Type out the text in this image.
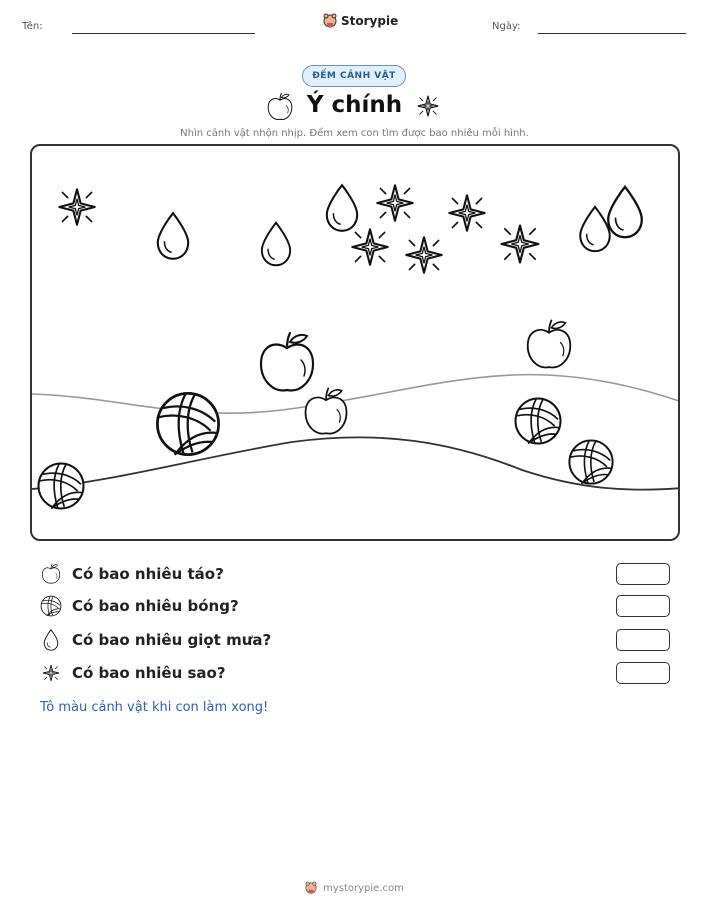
Tên:	Storypie	Ngày:
ĐẾM CẢNH VẬT
Ý chính
Nhìn cảnh vật nhộn nhịp. Đếm xem con tìm được bao nhiêu mỗi hình.
Có bao nhiêu táo?
Có bao nhiêu bóng?
Có bao nhiêu giọt mưa?
Có bao nhiêu sao?
Tô màu cảnh vật khi con làm xong!
mystorypie.com
